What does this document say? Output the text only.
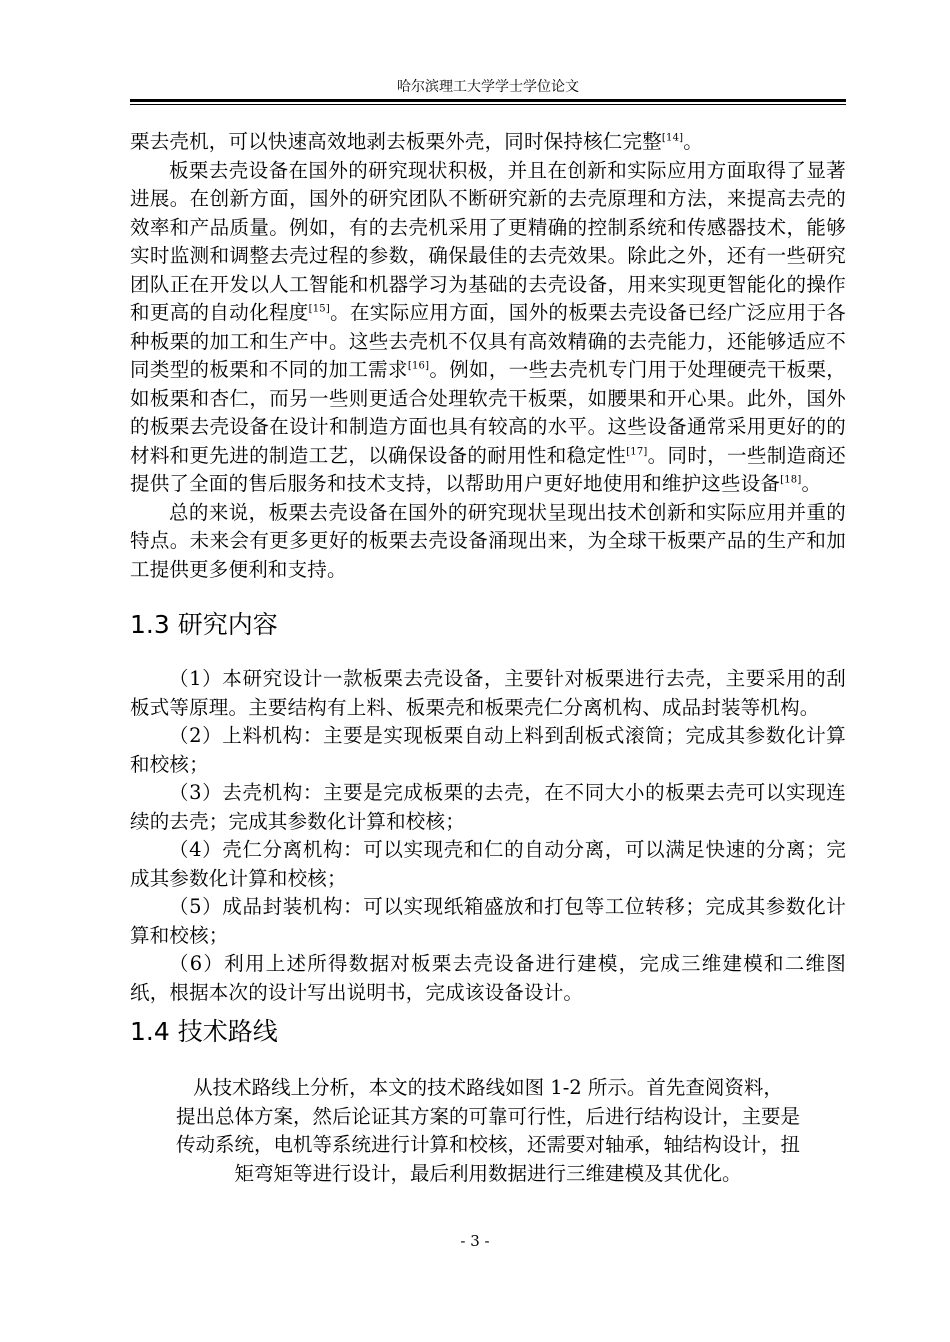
哈尔滨理工大学学士学位论文

栗去壳机，可以快速高效地剥去板栗外壳，同时保持核仁完整[14]。

板栗去壳设备在国外的研究现状积极，并且在创新和实际应用方面取得了显著进展。在创新方面，国外的研究团队不断研究新的去壳原理和方法，来提高去壳的效率和产品质量。例如，有的去壳机采用了更精确的控制系统和传感器技术，能够实时监测和调整去壳过程的参数，确保最佳的去壳效果。除此之外，还有一些研究团队正在开发以人工智能和机器学习为基础的去壳设备，用来实现更智能化的操作和更高的自动化程度[15]。在实际应用方面，国外的板栗去壳设备已经广泛应用于各种板栗的加工和生产中。这些去壳机不仅具有高效精确的去壳能力，还能够适应不同类型的板栗和不同的加工需求[16]。例如，一些去壳机专门用于处理硬壳干板栗，如板栗和杏仁，而另一些则更适合处理软壳干板栗，如腰果和开心果。此外，国外的板栗去壳设备在设计和制造方面也具有较高的水平。这些设备通常采用更好的的材料和更先进的制造工艺，以确保设备的耐用性和稳定性[17]。同时，一些制造商还提供了全面的售后服务和技术支持，以帮助用户更好地使用和维护这些设备[18]。

总的来说，板栗去壳设备在国外的研究现状呈现出技术创新和实际应用并重的特点。未来会有更多更好的板栗去壳设备涌现出来，为全球干板栗产品的生产和加工提供更多便利和支持。

1.3 研究内容

（1）本研究设计一款板栗去壳设备，主要针对板栗进行去壳，主要采用的刮板式等原理。主要结构有上料、板栗壳和板栗壳仁分离机构、成品封装等机构。

（2）上料机构：主要是实现板栗自动上料到刮板式滚筒；完成其参数化计算和校核；

（3）去壳机构：主要是完成板栗的去壳，在不同大小的板栗去壳可以实现连续的去壳；完成其参数化计算和校核；

（4）壳仁分离机构：可以实现壳和仁的自动分离，可以满足快速的分离；完成其参数化计算和校核；

（5）成品封装机构：可以实现纸箱盛放和打包等工位转移；完成其参数化计算和校核；

（6）利用上述所得数据对板栗去壳设备进行建模，完成三维建模和二维图纸，根据本次的设计写出说明书，完成该设备设计。

1.4 技术路线

从技术路线上分析，本文的技术路线如图 1-2 所示。首先查阅资料，

提出总体方案，然后论证其方案的可靠可行性，后进行结构设计，主要是

传动系统，电机等系统进行计算和校核，还需要对轴承，轴结构设计，扭

矩弯矩等进行设计，最后利用数据进行三维建模及其优化。

- 3 -
